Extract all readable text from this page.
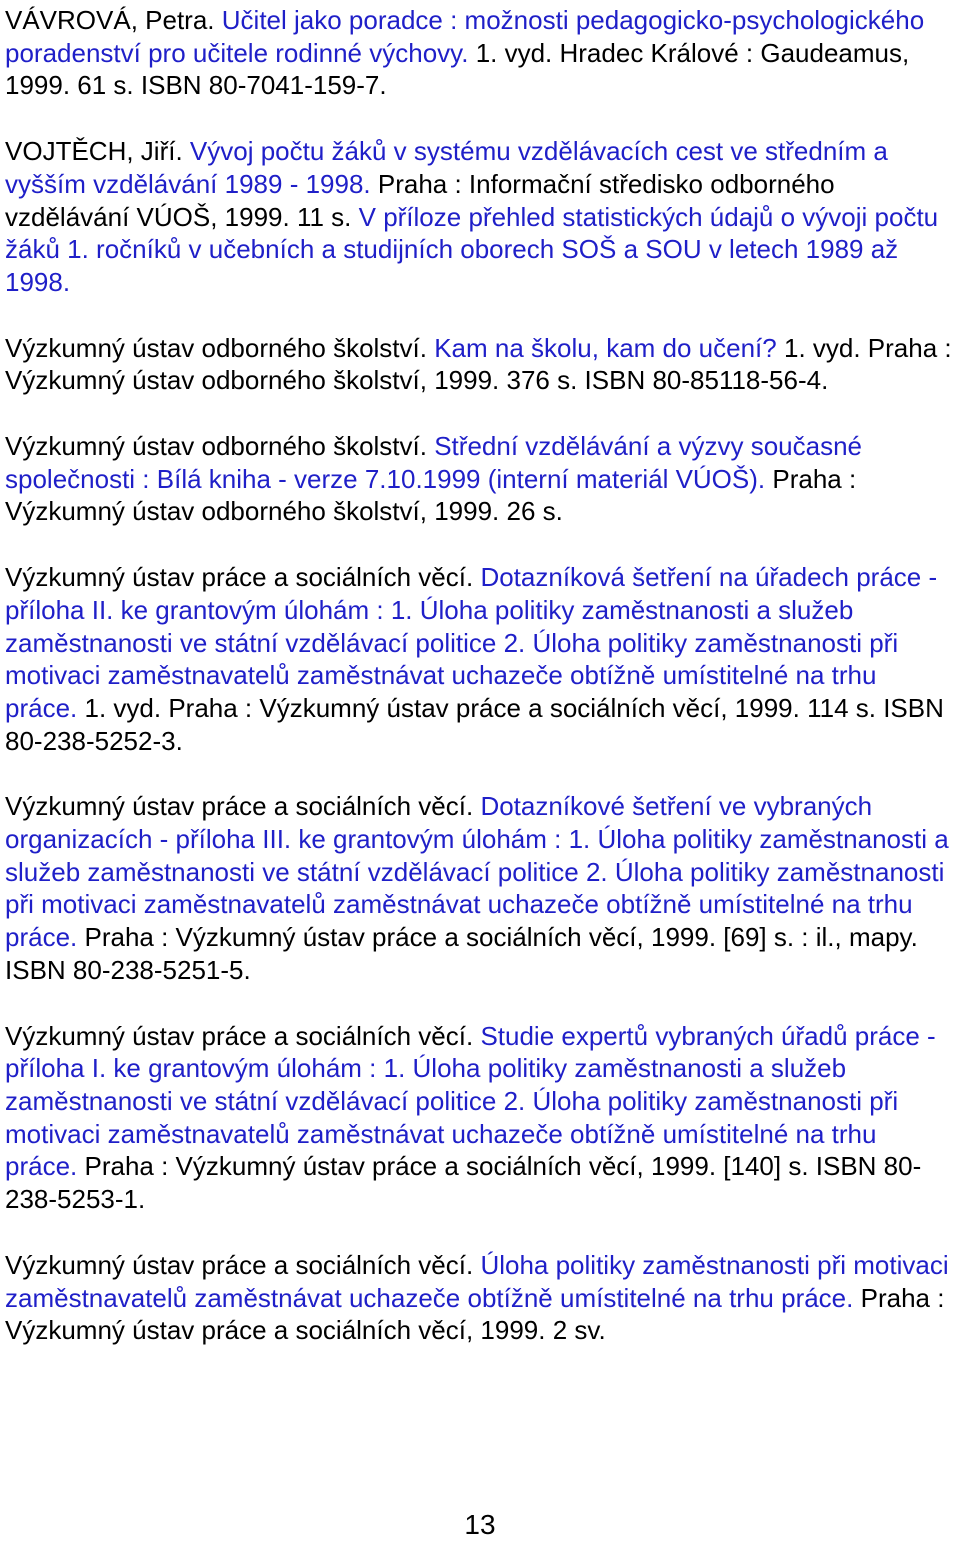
VÁVROVÁ, Petra. Učitel jako poradce : možnosti pedagogicko-psychologického poradenství pro učitele rodinné výchovy. 1. vyd. Hradec Králové : Gaudeamus, 1999. 61 s. ISBN 80-7041-159-7.

VOJTĚCH, Jiří. Vývoj počtu žáků v systému vzdělávacích cest ve středním a vyšším vzdělávání 1989 - 1998. Praha : Informační středisko odborného vzdělávání VÚOŠ, 1999. 11 s. V příloze přehled statistických údajů o vývoji počtu žáků 1. ročníků v učebních a studijních oborech SOŠ a SOU v letech 1989 až 1998.

Výzkumný ústav odborného školství. Kam na školu, kam do učení? 1. vyd. Praha : Výzkumný ústav odborného školství, 1999. 376 s. ISBN 80-85118-56-4.

Výzkumný ústav odborného školství. Střední vzdělávání a výzvy současné společnosti : Bílá kniha - verze 7.10.1999 (interní materiál VÚOŠ). Praha : Výzkumný ústav odborného školství, 1999. 26 s.

Výzkumný ústav práce a sociálních věcí. Dotazníková šetření na úřadech práce - příloha II. ke grantovým úlohám : 1. Úloha politiky zaměstnanosti a služeb zaměstnanosti ve státní vzdělávací politice 2. Úloha politiky zaměstnanosti při motivaci zaměstnavatelů zaměstnávat uchazeče obtížně umístitelné na trhu práce. 1. vyd. Praha : Výzkumný ústav práce a sociálních věcí, 1999. 114 s. ISBN 80-238-5252-3.

Výzkumný ústav práce a sociálních věcí. Dotazníkové šetření ve vybraných organizacích - příloha III. ke grantovým úlohám : 1. Úloha politiky zaměstnanosti a služeb zaměstnanosti ve státní vzdělávací politice 2. Úloha politiky zaměstnanosti při motivaci zaměstnavatelů zaměstnávat uchazeče obtížně umístitelné na trhu práce. Praha : Výzkumný ústav práce a sociálních věcí, 1999. [69] s. : il., mapy. ISBN 80-238-5251-5.

Výzkumný ústav práce a sociálních věcí. Studie expertů vybraných úřadů práce - příloha I. ke grantovým úlohám : 1. Úloha politiky zaměstnanosti a služeb zaměstnanosti ve státní vzdělávací politice 2. Úloha politiky zaměstnanosti při motivaci zaměstnavatelů zaměstnávat uchazeče obtížně umístitelné na trhu práce. Praha : Výzkumný ústav práce a sociálních věcí, 1999. [140] s. ISBN 80-238-5253-1.

Výzkumný ústav práce a sociálních věcí. Úloha politiky zaměstnanosti při motivaci zaměstnavatelů zaměstnávat uchazeče obtížně umístitelné na trhu práce. Praha : Výzkumný ústav práce a sociálních věcí, 1999. 2 sv.

13
